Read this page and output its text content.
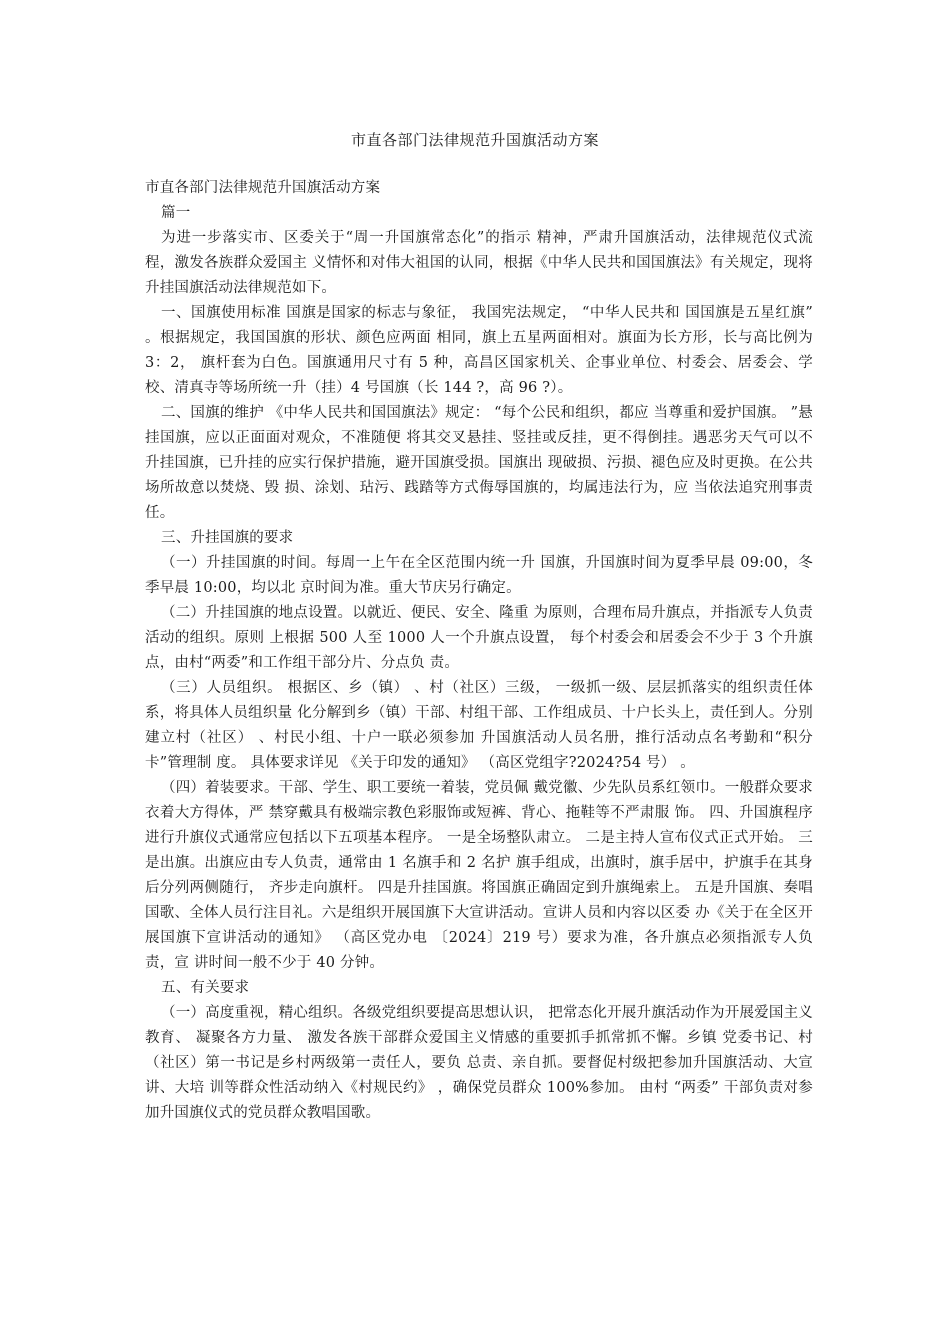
市直各部门法律规范升国旗活动方案

市直各部门法律规范升国旗活动方案

篇一

为进一步落实市、区委关于“周一升国旗常态化”的指示 精神，严肃升国旗活动，法律规范仪式流程，激发各族群众爱国主 义情怀和对伟大祖国的认同，根据《中华人民共和国国旗法》有关规定，现将升挂国旗活动法律规范如下。

一、国旗使用标准 国旗是国家的标志与象征， 我国宪法规定， “中华人民共和 国国旗是五星红旗” 。根据规定，我国国旗的形状、颜色应两面 相同，旗上五星两面相对。旗面为长方形，长与高比例为 3：2， 旗杆套为白色。国旗通用尺寸有 5 种，高昌区国家机关、企事业单位、村委会、居委会、学校、清真寺等场所统一升（挂）4 号国旗（长 144 ?，高 96 ?）。

二、国旗的维护 《中华人民共和国国旗法》规定： “每个公民和组织，都应 当尊重和爱护国旗。 ”悬挂国旗，应以正面面对观众，不准随便 将其交叉悬挂、竖挂或反挂，更不得倒挂。遇恶劣天气可以不 升挂国旗，已升挂的应实行保护措施，避开国旗受损。国旗出 现破损、污损、褪色应及时更换。在公共场所故意以焚烧、毁 损、涂划、玷污、践踏等方式侮辱国旗的，均属违法行为，应 当依法追究刑事责任。

三、升挂国旗的要求

（一）升挂国旗的时间。每周一上午在全区范围内统一升 国旗，升国旗时间为夏季早晨 09:00，冬季早晨 10:00，均以北 京时间为准。重大节庆另行确定。

（二）升挂国旗的地点设置。以就近、便民、安全、隆重 为原则，合理布局升旗点，并指派专人负责活动的组织。原则 上根据 500 人至 1000 人一个升旗点设置， 每个村委会和居委会不少于 3 个升旗点，由村“两委”和工作组干部分片、分点负 责。

（三）人员组织。 根据区、乡（镇） 、村（社区）三级， 一级抓一级、层层抓落实的组织责任体系，将具体人员组织量 化分解到乡（镇）干部、村组干部、工作组成员、十户长头上，责任到人。分别建立村（社区） 、村民小组、十户一联必须参加 升国旗活动人员名册，推行活动点名考勤和“积分卡”管理制 度。 具体要求详见 《关于印发的通知》 （高区党组字?2024?54 号） 。

（四）着装要求。干部、学生、职工要统一着装，党员佩 戴党徽、少先队员系红领巾。一般群众要求衣着大方得体，严 禁穿戴具有极端宗教色彩服饰或短裤、背心、拖鞋等不严肃服 饰。 四、升国旗程序 进行升旗仪式通常应包括以下五项基本程序。 一是全场整队肃立。 二是主持人宣布仪式正式开始。 三是出旗。出旗应由专人负责，通常由 1 名旗手和 2 名护 旗手组成，出旗时，旗手居中，护旗手在其身后分列两侧随行， 齐步走向旗杆。 四是升挂国旗。将国旗正确固定到升旗绳索上。 五是升国旗、奏唱国歌、全体人员行注目礼。六是组织开展国旗下大宣讲活动。宣讲人员和内容以区委 办《关于在全区开展国旗下宣讲活动的通知》 （高区党办电 〔2024〕219 号）要求为准，各升旗点必须指派专人负责，宣 讲时间一般不少于 40 分钟。

五、有关要求

（一）高度重视，精心组织。各级党组织要提高思想认识， 把常态化开展升旗活动作为开展爱国主义教育、 凝聚各方力量、 激发各族干部群众爱国主义情感的重要抓手抓常抓不懈。乡镇 党委书记、村（社区）第一书记是乡村两级第一责任人，要负 总责、亲自抓。要督促村级把参加升国旗活动、大宣讲、大培 训等群众性活动纳入《村规民约》 ，确保党员群众 100%参加。 由村 “两委” 干部负责对参加升国旗仪式的党员群众教唱国歌。
